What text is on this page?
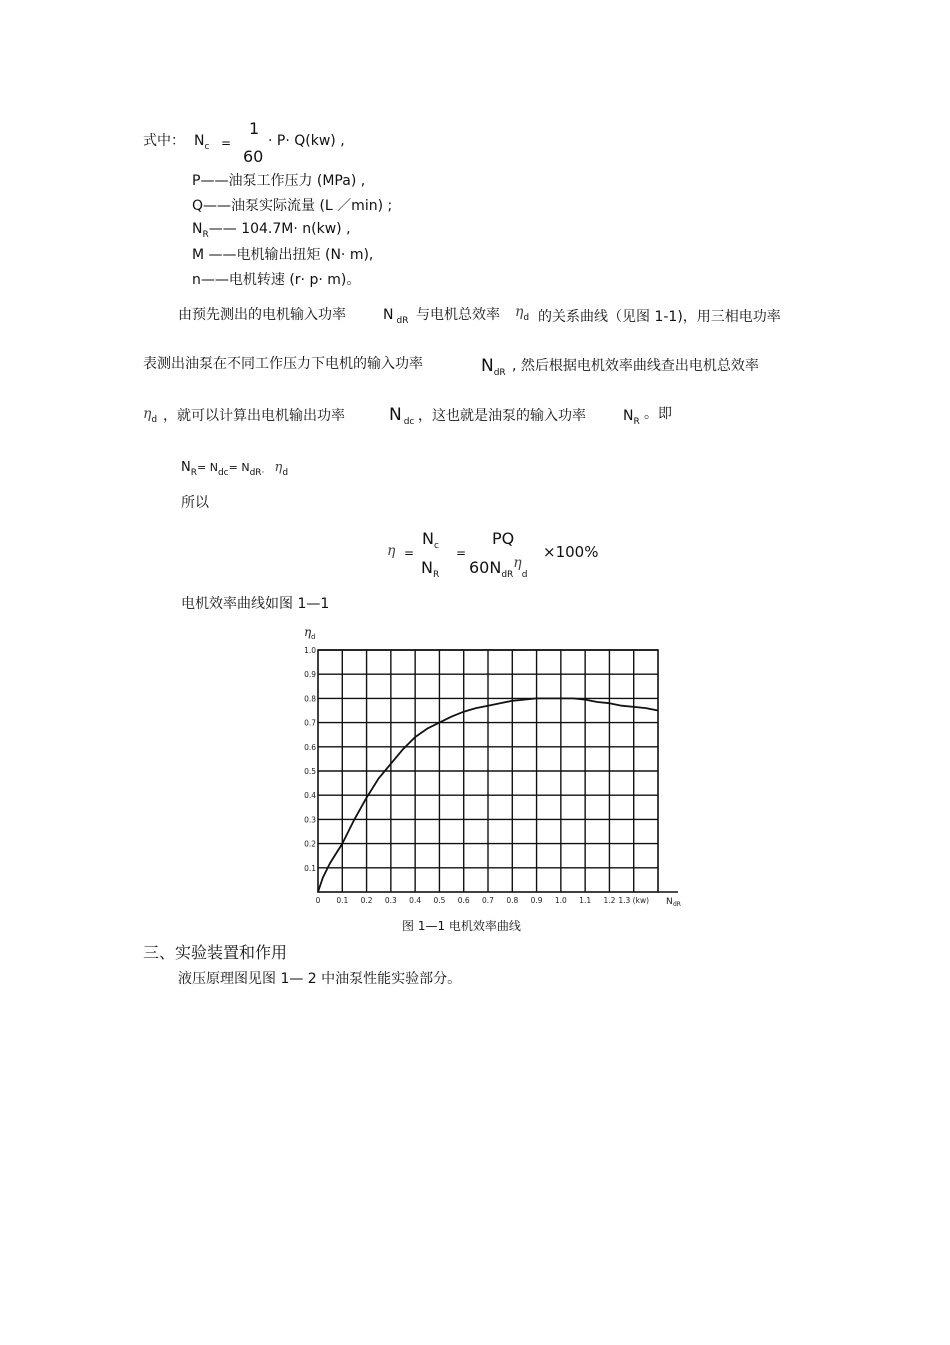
式中： $N_c$ =
1
60
· P· Q(kw) ,
P——油泵工作压力 (MPa) ,
Q——油泵实际流量 (L ／min) ;
$N_R——$ 104.7M· n(kw) ,
M ——电机输出扭矩 (N· m),
n——电机转速 (r· p· m)。
由预先测出的电机输入功率	N $_{dR}$ 与电机总效率 $\eta_d$ 的关系曲线（见图 1-1)，用三相电功率
表测出油泵在不同工作压力下电机的输入功率	$N_{dR}$ , 然后根据电机效率曲线查出电机总效率
$\eta_d$ ，就可以计算出电机输出功率	N $_{dc}$ ，这也就是油泵的输入功率	$N_R$ 。即
$N_R= N_{dc}= N_{dR\cdot}$ $\eta_d$
所以
η =
$N_c$
$N_R$
=
PQ
$60N_{dR}\eta_d$
×100%
电机效率曲线如图 1—1
0 0.1 0.2 0.3 0.4 0.5 0.6 0.7 0.8 0.9 1.0 1.1 1.2 1.3 (kw)
0.1
0.2
0.3
0.4
0.5
0.6
0.7
0.8
0.9
1.0
η d
N dR
图 1—1 电机效率曲线
三、实验装置和作用
液压原理图见图 1— 2 中油泵性能实验部分。
